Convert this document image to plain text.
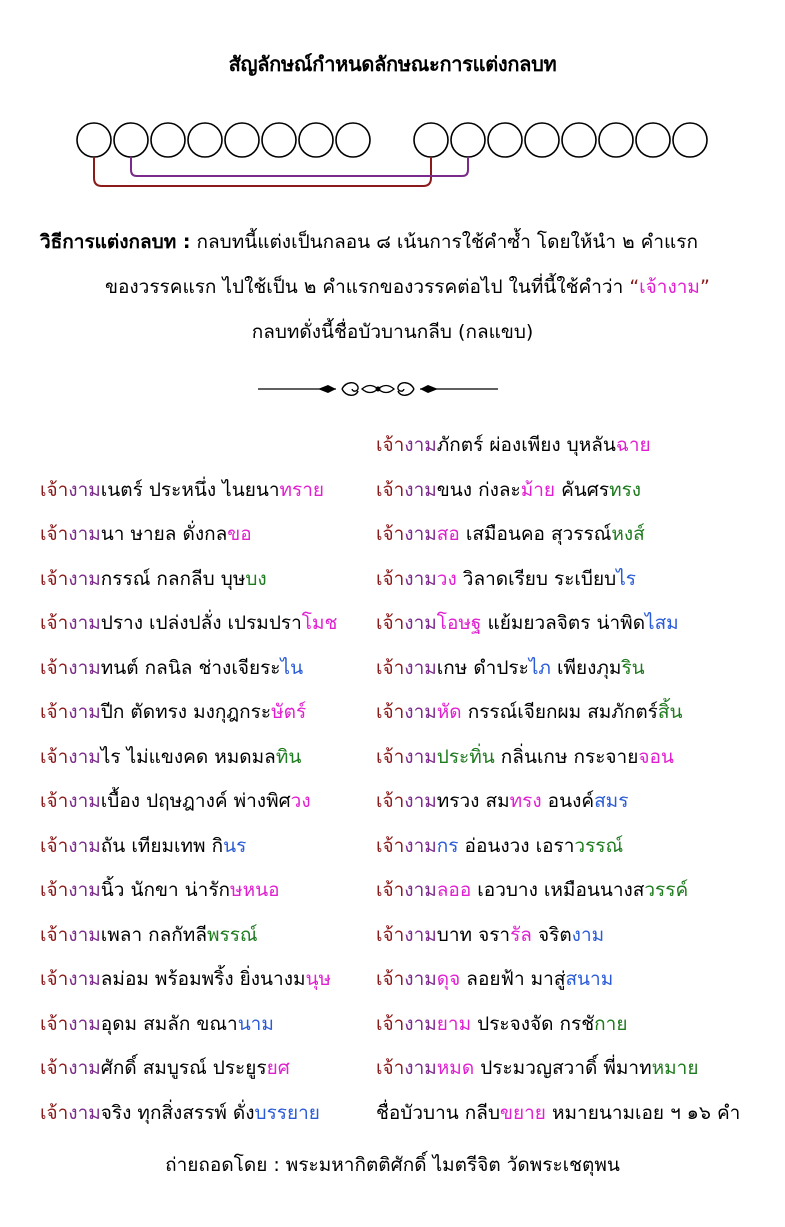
สัญลักษณ์กำหนดลักษณะการแต่งกลบท
วิธีการแต่งกลบท : กลบทนี้แต่งเป็นกลอน ๘ เน้นการใช้คำซ้ำ โดยให้นำ ๒ คำแรก
ของวรรคแรก ไปใช้เป็น ๒ คำแรกของวรรคต่อไป ในที่นี้ใช้คำว่า “เจ้างาม”
กลบทดั่งนี้ชื่อบัวบานกลีบ (กลแขบ)
เจ้างามภักตร์ ผ่องเพียง บุหลันฉาย
เจ้างามเนตร์ ประหนึ่ง ไนยนาทราย
เจ้างามนา ษายล ดั่งกลขอ
เจ้างามกรรณ์ กลกลีบ บุษบง
เจ้างามปราง เปล่งปลั่ง เปรมปราโมช
เจ้างามทนต์ กลนิล ช่างเจียระไน
เจ้างามปีก ตัดทรง มงกุฎกระษัตร์
เจ้างามไร ไม่แขงคด หมดมลทิน
เจ้างามเบื้อง ปฤษฎางค์ พ่างพิศวง
เจ้างามถัน เทียมเทพ กินร
เจ้างามนิ้ว นักขา น่ารักษหนอ
เจ้างามเพลา กลกัทลีพรรณ์
เจ้างามลม่อม พร้อมพริ้ง ยิ่งนางมนุษ
เจ้างามอุดม สมลัก ขณานาม
เจ้างามศักดิ์ สมบูรณ์ ประยูรยศ
เจ้างามจริง ทุกสิ่งสรรพ์ ดั่งบรรยาย
เจ้างามขนง ก่งละม้าย คันศรทรง
เจ้างามสอ เสมือนคอ สุวรรณ์หงส์
เจ้างามวง วิลาดเรียบ ระเบียบไร
เจ้างามโอษฐ แย้มยวลจิตร น่าพิดไสม
เจ้างามเกษ ดำประไภ เพียงภุมริน
เจ้างามหัด กรรณ์เจียกผม สมภักตร์สิ้น
เจ้างามประทิ่น กลิ่นเกษ กระจายจอน
เจ้างามทรวง สมทรง อนงค์สมร
เจ้างามกร อ่อนงวง เอราวรรณ์
เจ้างามลออ เอวบาง เหมือนนางสวรรค์
เจ้างามบาท จรารัล จริตงาม
เจ้างามดุจ ลอยฟ้า มาสู่สนาม
เจ้างามยาม ประจงจัด กรชักาย
เจ้างามหมด ประมวญสวาดิ์ พี่มาทหมาย
ชื่อบัวบาน กลีบขยาย หมายนามเอย ฯ ๑๖ คำ
ถ่ายถอดโดย : พระมหากิตติศักดิ์ ไมตรีจิต วัดพระเชตุพน
